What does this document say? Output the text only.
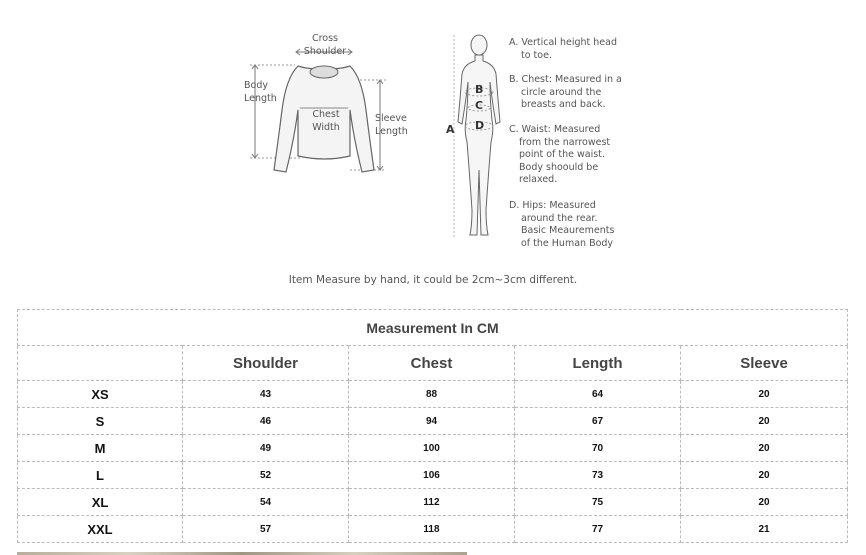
Cross
Shoulder
Body
Length
Chest
Width
Sleeve
Length	A
B
C
D
A. Vertical height head
to toe.
B. Chest: Measured in a
circle around the
breasts and back.
C. Waist: Measured
from the narrowest
point of the waist.
Body shoould be
relaxed.
D. Hips: Measured
around the rear.
Basic Meaurements
of the Human Body
Item Measure by hand, it could be 2cm~3cm different.
Measurement In CM				
	Shoulder	Chest	Length	Sleeve
XS	43	88	64	20
S	46	94	67	20
M	49	100	70	20
L	52	106	73	20
XL	54	112	75	20
XXL	57	118	77	21
